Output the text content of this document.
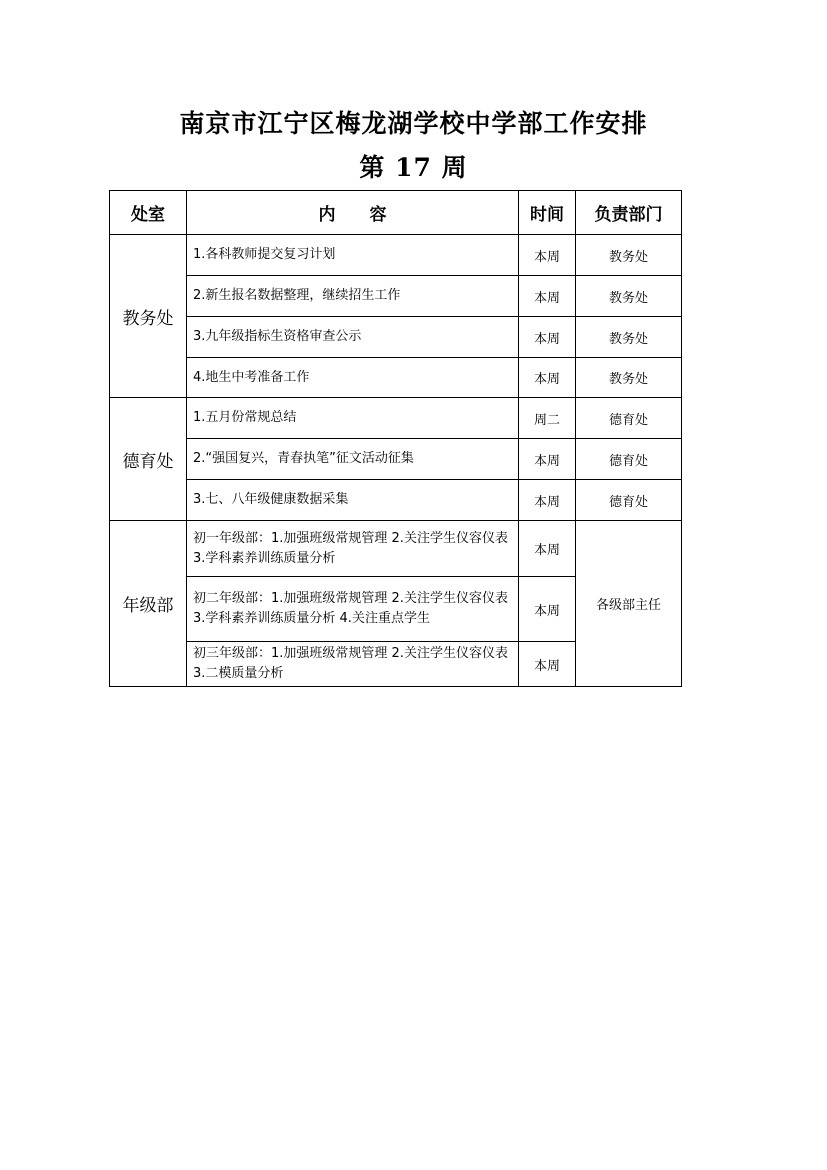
南京市江宁区梅龙湖学校中学部工作安排
第 17 周
处室	内　　容	时间	负责部门
教务处	1.各科教师提交复习计划	本周	教务处
	2.新生报名数据整理，继续招生工作	本周	教务处
	3.九年级指标生资格审查公示	本周	教务处
	4.地生中考准备工作	本周	教务处
德育处	1.五月份常规总结	周二	德育处
	2.“强国复兴，青春执笔”征文活动征集	本周	德育处
	3.七、八年级健康数据采集	本周	德育处
年级部	初一年级部：1.加强班级常规管理 2.关注学生仪容仪表 3.学科素养训练质量分析	本周	各级部主任
	初二年级部：1.加强班级常规管理 2.关注学生仪容仪表 3.学科素养训练质量分析 4.关注重点学生	本周	
	初三年级部：1.加强班级常规管理 2.关注学生仪容仪表 3.二模质量分析	本周	
